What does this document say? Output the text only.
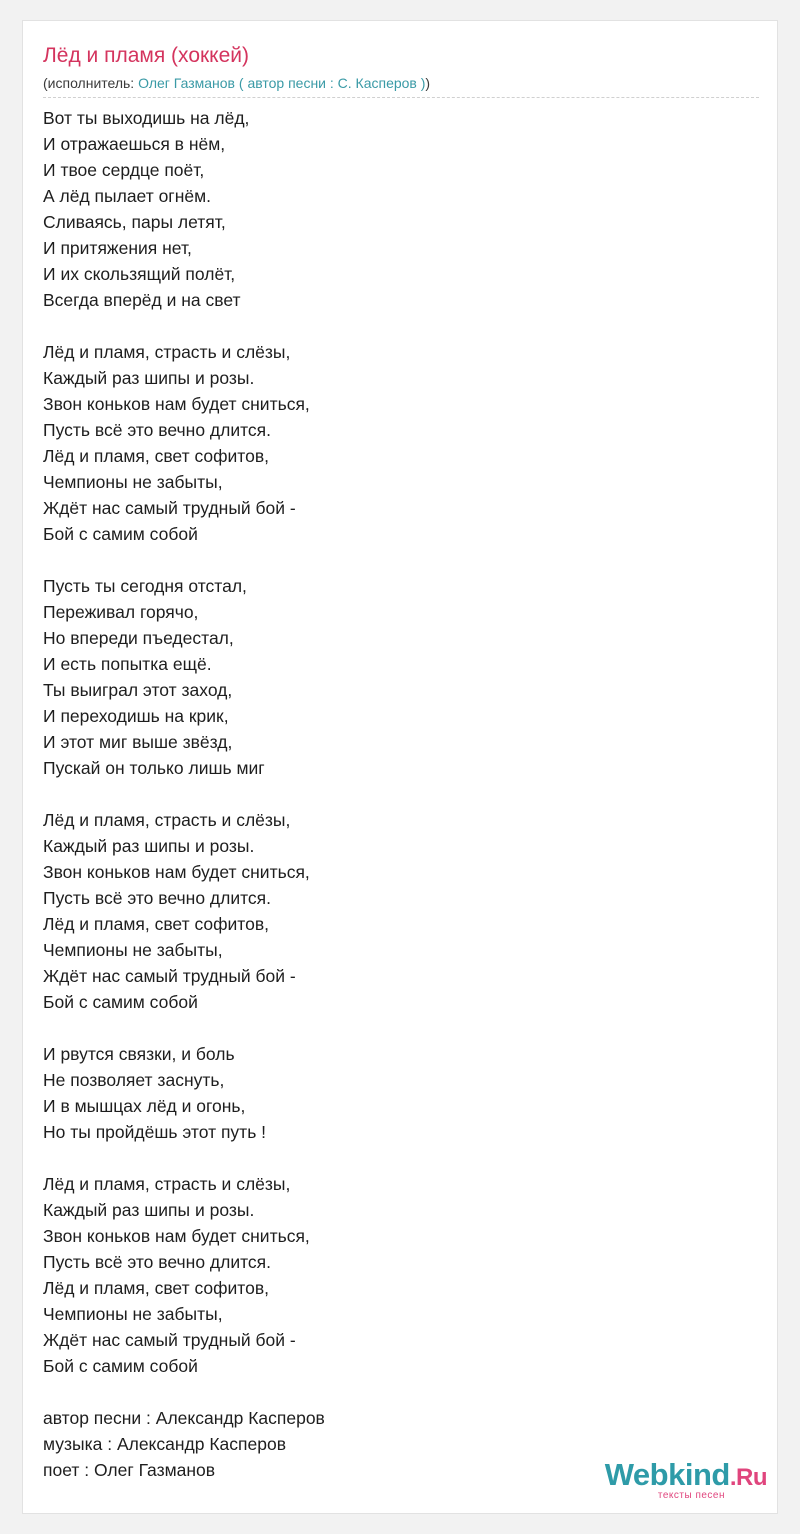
Лёд и пламя (хоккей)
(исполнитель: Олег Газманов ( автор песни : С. Касперов ))
Вот ты выходишь на лёд,
И отражаешься в нём,
И твое сердце поёт,
А лёд пылает огнём.
Сливаясь, пары летят,
И притяжения нет,
И их скользящий полёт,
Всегда вперёд и на свет
Лёд и пламя, страсть и слёзы,
Каждый раз шипы и розы.
Звон коньков нам будет сниться,
Пусть всё это вечно длится.
Лёд и пламя, свет софитов,
Чемпионы не забыты,
Ждёт нас самый трудный бой -
Бой с самим собой
Пусть ты сегодня отстал,
Переживал горячо,
Но впереди пъедестал,
И есть попытка ещё.
Ты выиграл этот заход,
И переходишь на крик,
И этот миг выше звёзд,
Пускай он только лишь миг
Лёд и пламя, страсть и слёзы,
Каждый раз шипы и розы.
Звон коньков нам будет сниться,
Пусть всё это вечно длится.
Лёд и пламя, свет софитов,
Чемпионы не забыты,
Ждёт нас самый трудный бой -
Бой с самим собой
И рвутся связки, и боль
Не позволяет заснуть,
И в мышцах лёд и огонь,
Но ты пройдёшь этот путь !
Лёд и пламя, страсть и слёзы,
Каждый раз шипы и розы.
Звон коньков нам будет сниться,
Пусть всё это вечно длится.
Лёд и пламя, свет софитов,
Чемпионы не забыты,
Ждёт нас самый трудный бой -
Бой с самим собой
автор песни : Александр Касперов
музыка : Александр Касперов
поет : Олег Газманов	Webkind.Ru
тексты песен
